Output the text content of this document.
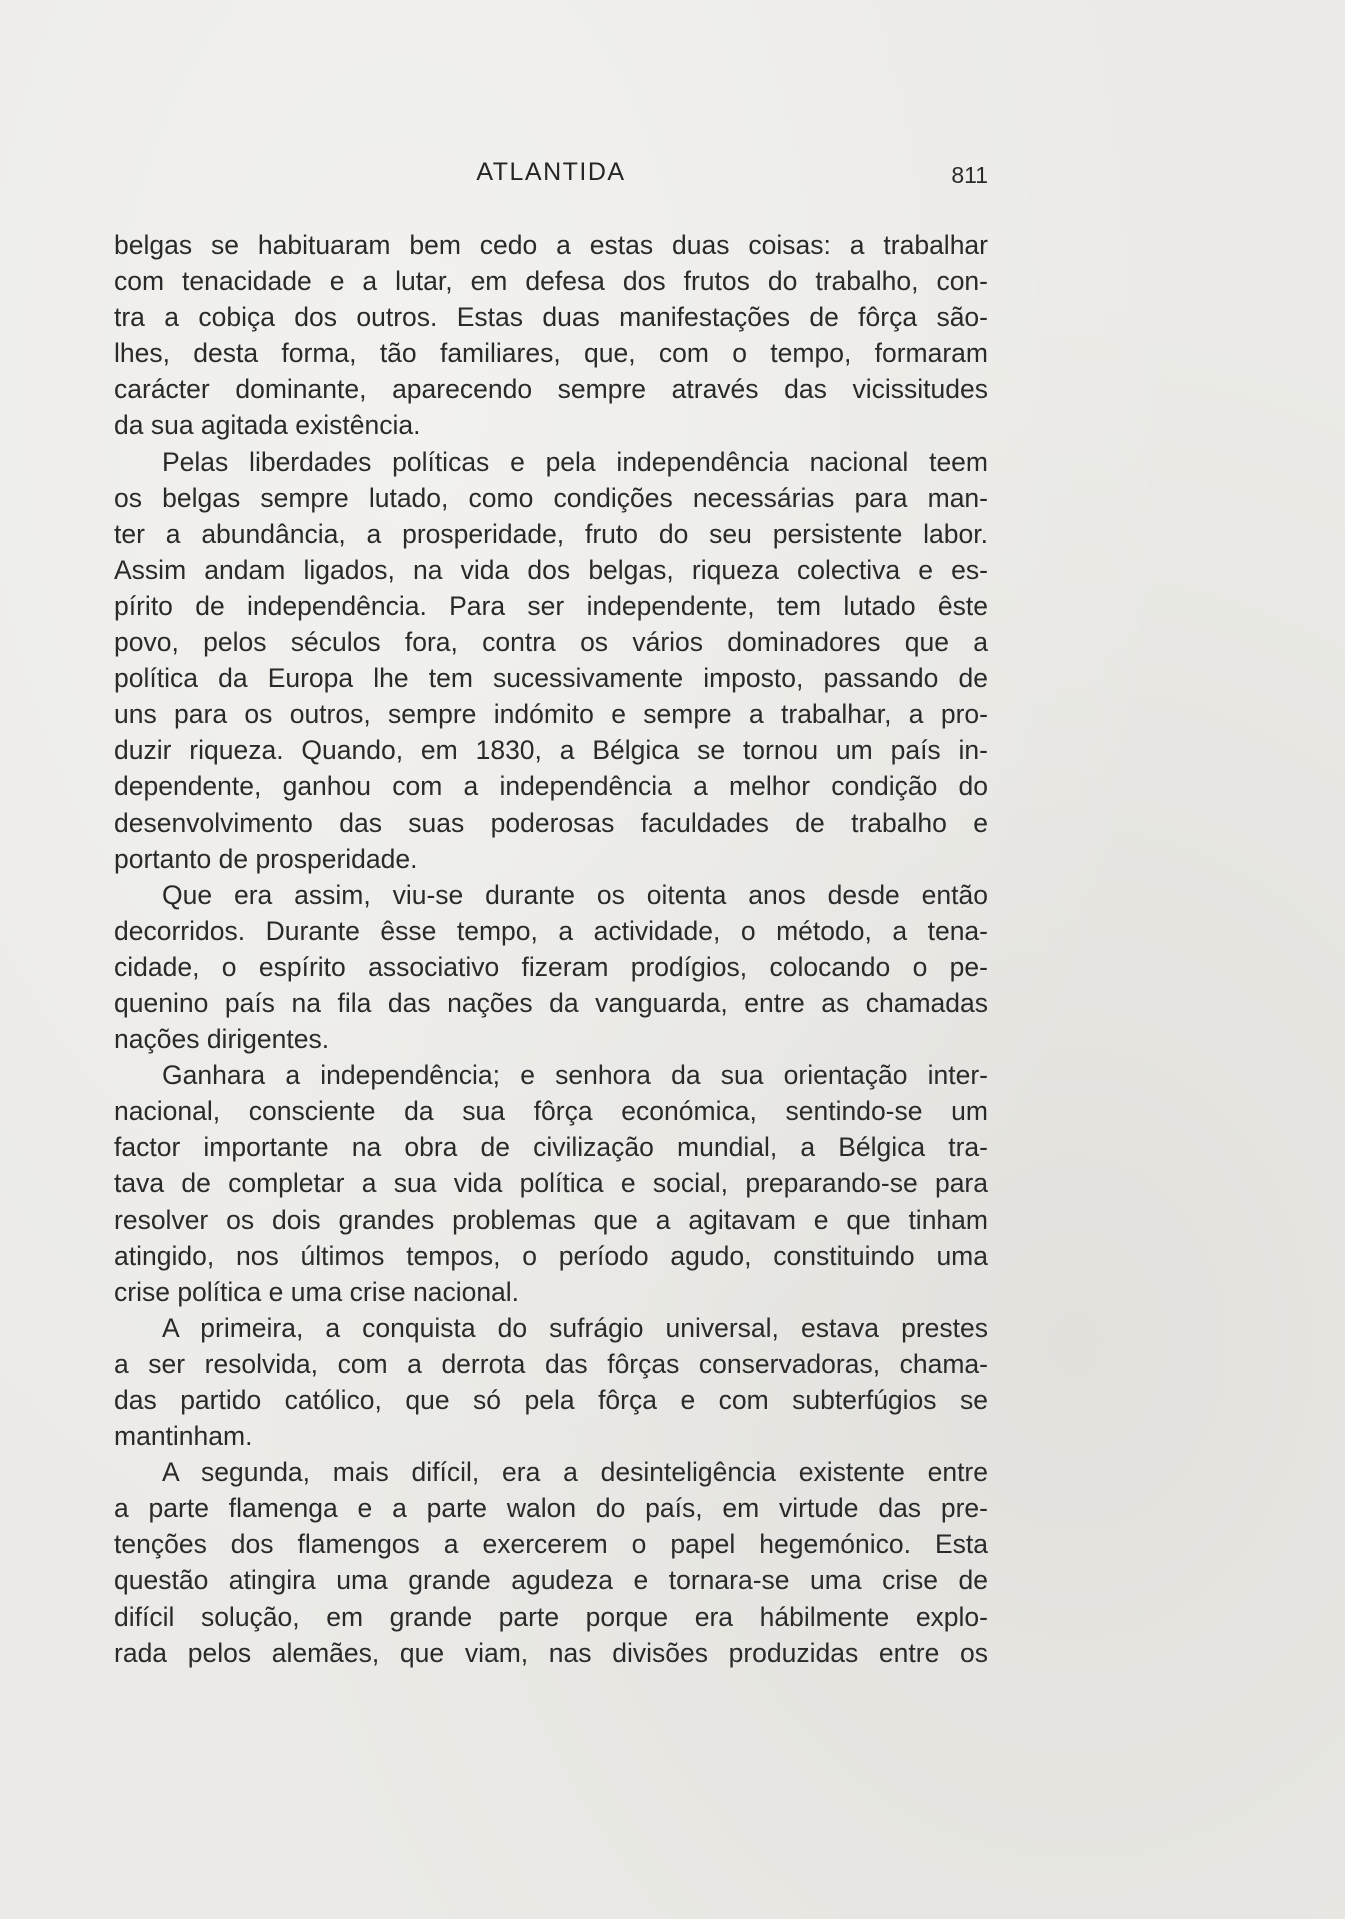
ATLANTIDA	811
belgas se habituaram bem cedo a estas duas coisas: a trabalhar
com tenacidade e a lutar, em defesa dos frutos do trabalho, con-
tra a cobiça dos outros. Estas duas manifestações de fôrça são-
lhes, desta forma, tão familiares, que, com o tempo, formaram
carácter dominante, aparecendo sempre através das vicissitudes
da sua agitada existência.
Pelas liberdades políticas e pela independência nacional teem
os belgas sempre lutado, como condições necessárias para man-
ter a abundância, a prosperidade, fruto do seu persistente labor.
Assim andam ligados, na vida dos belgas, riqueza colectiva e es-
pírito de independência. Para ser independente, tem lutado êste
povo, pelos séculos fora, contra os vários dominadores que a
política da Europa lhe tem sucessivamente imposto, passando de
uns para os outros, sempre indómito e sempre a trabalhar, a pro-
duzir riqueza. Quando, em 1830, a Bélgica se tornou um país in-
dependente, ganhou com a independência a melhor condição do
desenvolvimento das suas poderosas faculdades de trabalho e
portanto de prosperidade.
Que era assim, viu-se durante os oitenta anos desde então
decorridos. Durante êsse tempo, a actividade, o método, a tena-
cidade, o espírito associativo fizeram prodígios, colocando o pe-
quenino país na fila das nações da vanguarda, entre as chamadas
nações dirigentes.
Ganhara a independência; e senhora da sua orientação inter-
nacional, consciente da sua fôrça económica, sentindo-se um
factor importante na obra de civilização mundial, a Bélgica tra-
tava de completar a sua vida política e social, preparando-se para
resolver os dois grandes problemas que a agitavam e que tinham
atingido, nos últimos tempos, o período agudo, constituindo uma
crise política e uma crise nacional.
A primeira, a conquista do sufrágio universal, estava prestes
a ser resolvida, com a derrota das fôrças conservadoras, chama-
das partido católico, que só pela fôrça e com subterfúgios se
mantinham.
A segunda, mais difícil, era a desinteligência existente entre
a parte flamenga e a parte walon do país, em virtude das pre-
tenções dos flamengos a exercerem o papel hegemónico. Esta
questão atingira uma grande agudeza e tornara-se uma crise de
difícil solução, em grande parte porque era hábilmente explo-
rada pelos alemães, que viam, nas divisões produzidas entre os
